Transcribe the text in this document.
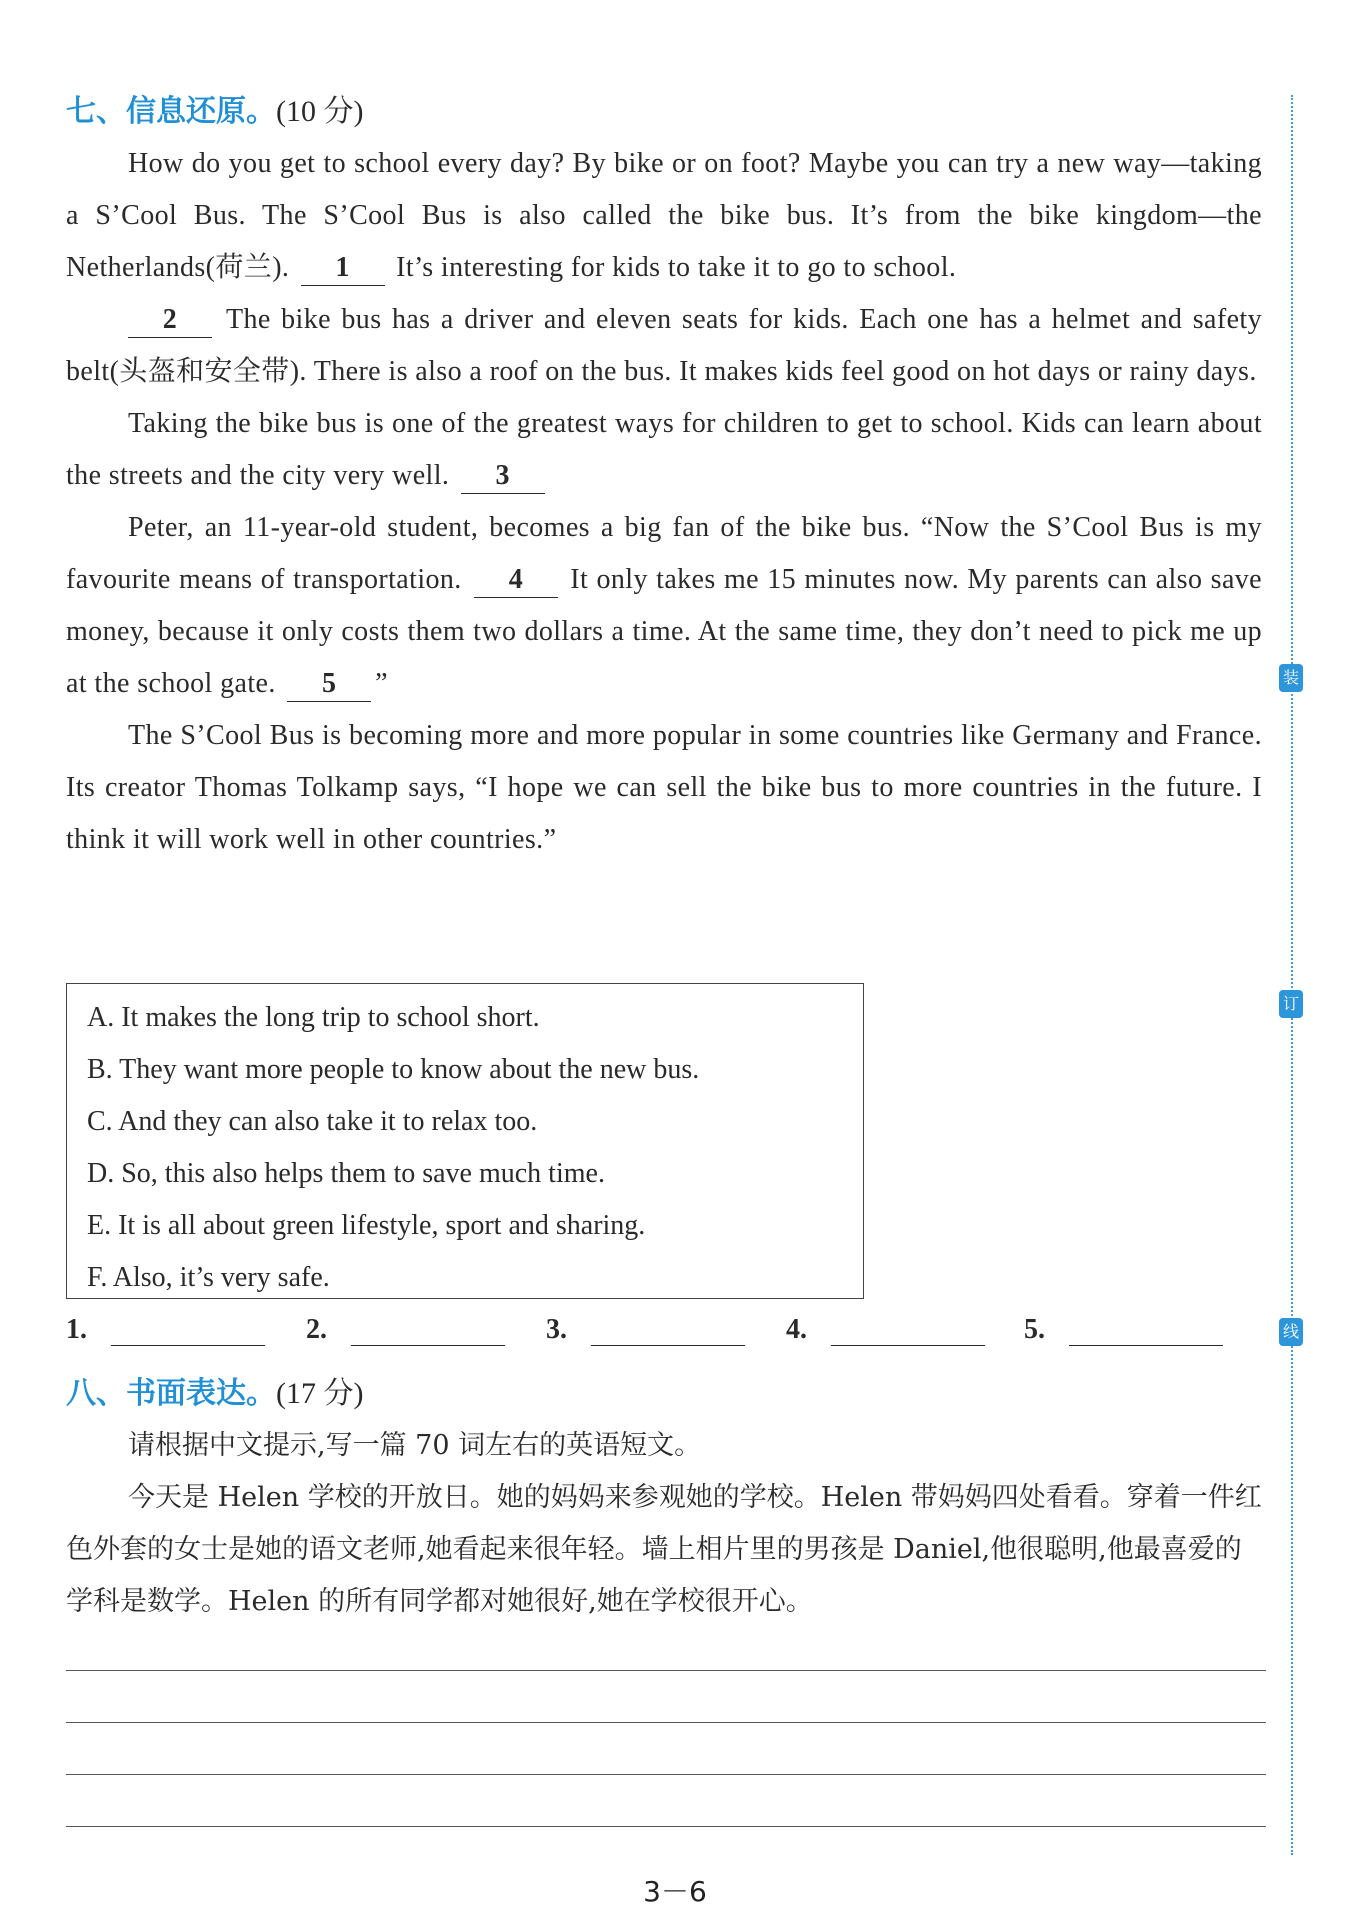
七、信息还原。(10 分)

How do you get to school every day? By bike or on foot? Maybe you can try a new way—taking a S’Cool Bus. The S’Cool Bus is also called the bike bus. It’s from the bike kingdom—the Netherlands(荷兰). 1 It’s interesting for kids to take it to go to school.

2 The bike bus has a driver and eleven seats for kids. Each one has a helmet and safety belt(头盔和安全带). There is also a roof on the bus. It makes kids feel good on hot days or rainy days.

Taking the bike bus is one of the greatest ways for children to get to school. Kids can learn about the streets and the city very well. 3

Peter, an 11-year-old student, becomes a big fan of the bike bus. “Now the S’Cool Bus is my favourite means of transportation. 4 It only takes me 15 minutes now. My parents can also save money, because it only costs them two dollars a time. At the same time, they don’t need to pick me up at the school gate. 5 ”

The S’Cool Bus is becoming more and more popular in some countries like Germany and France. Its creator Thomas Tolkamp says, “I hope we can sell the bike bus to more countries in the future. I think it will work well in other countries.”

A. It makes the long trip to school short.
B. They want more people to know about the new bus.
C. And they can also take it to relax too.
D. So, this also helps them to save much time.
E. It is all about green lifestyle, sport and sharing.
F. Also, it’s very safe.
1.	2.	3.	4.	5.
八、书面表达。(17 分)

请根据中文提示,写一篇 70 词左右的英语短文。

今天是 Helen 学校的开放日。她的妈妈来参观她的学校。Helen 带妈妈四处看看。穿着一件红色外套的女士是她的语文老师,她看起来很年轻。墙上相片里的男孩是 Daniel,他很聪明,他最喜爱的学科是数学。Helen 的所有同学都对她很好,她在学校很开心。

装
订
线
3－6
